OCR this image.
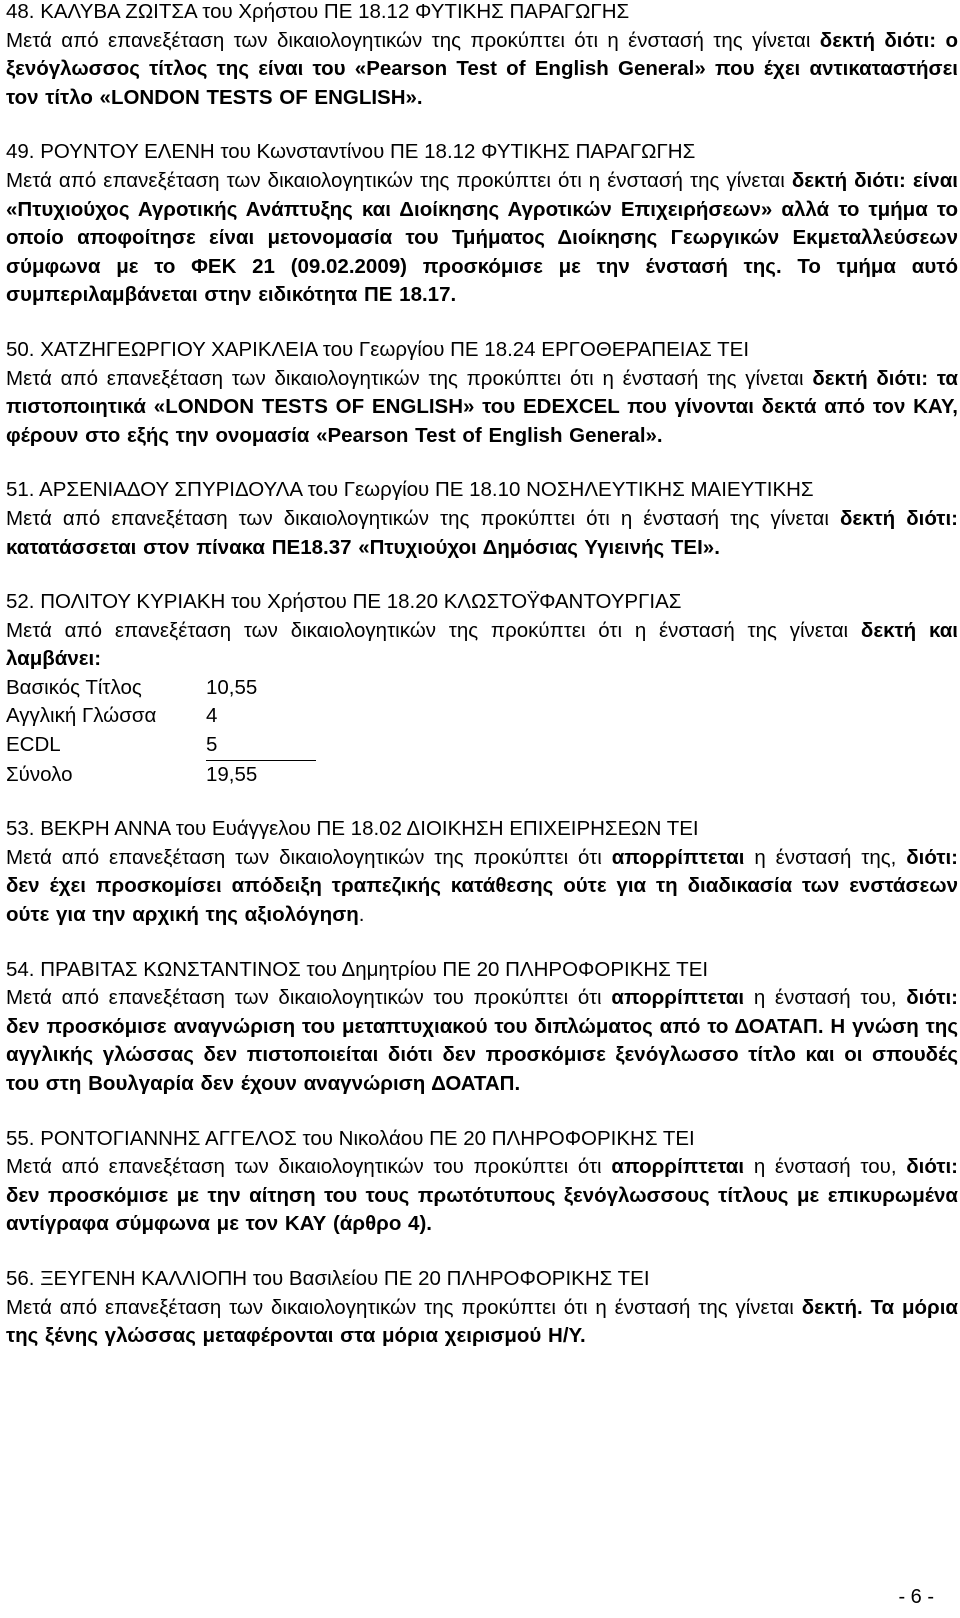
48. ΚΑΛΥΒΑ ΖΩΙΤΣΑ του Χρήστου ΠΕ 18.12 ΦΥΤΙΚΗΣ ΠΑΡΑΓΩΓΗΣ

Μετά από επανεξέταση των δικαιολογητικών της προκύπτει ότι η ένστασή της γίνεται δεκτή διότι: ο ξενόγλωσσος τίτλος της είναι του «Pearson Test of English General» που έχει αντικαταστήσει τον τίτλο «LONDON TESTS OF ENGLISH».

49. ΡΟΥΝΤΟΥ ΕΛΕΝΗ του Κωνσταντίνου ΠΕ 18.12 ΦΥΤΙΚΗΣ ΠΑΡΑΓΩΓΗΣ

Μετά από επανεξέταση των δικαιολογητικών της προκύπτει ότι η ένστασή της γίνεται δεκτή διότι: είναι «Πτυχιούχος Αγροτικής Ανάπτυξης και Διοίκησης Αγροτικών Επιχειρήσεων» αλλά το τμήμα το οποίο αποφοίτησε είναι μετονομασία του Τμήματος Διοίκησης Γεωργικών Εκμεταλλεύσεων σύμφωνα με το ΦΕΚ 21 (09.02.2009) προσκόμισε με την ένστασή της. Το τμήμα αυτό συμπεριλαμβάνεται στην ειδικότητα ΠΕ 18.17.

50. ΧΑΤΖΗΓΕΩΡΓΙΟΥ ΧΑΡΙΚΛΕΙΑ του Γεωργίου ΠΕ 18.24 ΕΡΓΟΘΕΡΑΠΕΙΑΣ ΤΕΙ

Μετά από επανεξέταση των δικαιολογητικών της προκύπτει ότι η ένστασή της γίνεται δεκτή διότι: τα πιστοποιητικά «LONDON TESTS OF ENGLISH» του EDEXCEL που γίνονται δεκτά από τον ΚΑΥ, φέρουν στο εξής την ονομασία «Pearson Test of English General».

51. ΑΡΣΕΝΙΑΔΟΥ ΣΠΥΡΙΔΟΥΛΑ του Γεωργίου ΠΕ 18.10 ΝΟΣΗΛΕΥΤΙΚΗΣ ΜΑΙΕΥΤΙΚΗΣ

Μετά από επανεξέταση των δικαιολογητικών της προκύπτει ότι η ένστασή της γίνεται δεκτή διότι: κατατάσσεται στον πίνακα ΠΕ18.37 «Πτυχιούχοι Δημόσιας Υγιεινής ΤΕΙ».

52. ΠΟΛΙΤΟΥ ΚΥΡΙΑΚΗ του Χρήστου ΠΕ 18.20 ΚΛΩΣΤΟΫΦΑΝΤΟΥΡΓΙΑΣ

Μετά από επανεξέταση των δικαιολογητικών της προκύπτει ότι η ένστασή της γίνεται δεκτή και λαμβάνει:

Βασικός Τίτλος	10,55
Αγγλική Γλώσσα	4
ECDL	5
Σύνολο	19,55

53. ΒΕΚΡΗ ΑΝΝΑ του Ευάγγελου ΠΕ 18.02 ΔΙΟΙΚΗΣΗ ΕΠΙΧΕΙΡΗΣΕΩΝ ΤΕΙ

Μετά από επανεξέταση των δικαιολογητικών της προκύπτει ότι απορρίπτεται η ένστασή της, διότι: δεν έχει προσκομίσει απόδειξη τραπεζικής κατάθεσης ούτε για τη διαδικασία των ενστάσεων ούτε για την αρχική της αξιολόγηση.

54. ΠΡΑΒΙΤΑΣ ΚΩΝΣΤΑΝΤΙΝΟΣ του Δημητρίου ΠΕ 20 ΠΛΗΡΟΦΟΡΙΚΗΣ ΤΕΙ

Μετά από επανεξέταση των δικαιολογητικών του προκύπτει ότι απορρίπτεται η ένστασή του, διότι: δεν προσκόμισε αναγνώριση του μεταπτυχιακού του διπλώματος από το ΔΟΑΤΑΠ. Η γνώση της αγγλικής γλώσσας δεν πιστοποιείται διότι δεν προσκόμισε ξενόγλωσσο τίτλο και οι σπουδές του στη Βουλγαρία δεν έχουν αναγνώριση ΔΟΑΤΑΠ.

55. ΡΟΝΤΟΓΙΑΝΝΗΣ ΑΓΓΕΛΟΣ του Νικολάου ΠΕ 20 ΠΛΗΡΟΦΟΡΙΚΗΣ ΤΕΙ

Μετά από επανεξέταση των δικαιολογητικών του προκύπτει ότι απορρίπτεται η ένστασή του, διότι: δεν προσκόμισε με την αίτηση του τους πρωτότυπους ξενόγλωσσους τίτλους με επικυρωμένα αντίγραφα σύμφωνα με τον ΚΑΥ (άρθρο 4).

56. ΞΕΥΓΕΝΗ ΚΑΛΛΙΟΠΗ του Βασιλείου ΠΕ 20 ΠΛΗΡΟΦΟΡΙΚΗΣ ΤΕΙ

Μετά από επανεξέταση των δικαιολογητικών της προκύπτει ότι η ένστασή της γίνεται δεκτή. Τα μόρια της ξένης γλώσσας μεταφέρονται στα μόρια χειρισμού Η/Υ.

- 6 -
